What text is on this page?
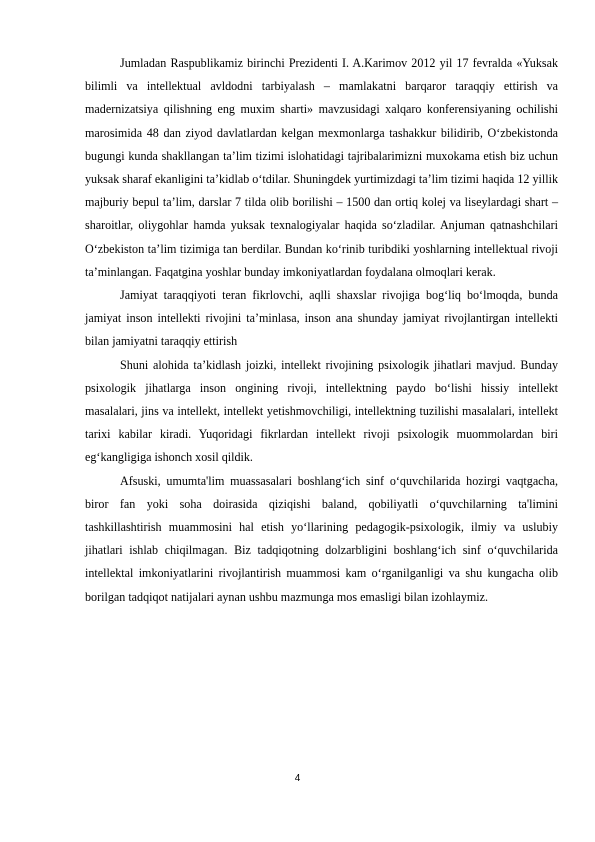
Jumladan Raspublikamiz birinchi Prezidenti I. A.Karimov 2012 yil 17 fevralda «Yuksak bilimli va intellektual avldodni tarbiyalash – mamlakatni barqaror taraqqiy ettirish va madernizatsiya qilishning eng muxim sharti» mavzusidagi xalqaro konferensiyaning ochilishi marosimida 48 dan ziyod davlatlardan kelgan mexmonlarga tashakkur bilidirib, O‘zbekistonda bugungi kunda shakllangan ta’lim tizimi islohatidagi tajribalarimizni muxokama etish biz uchun yuksak sharaf ekanligini ta’kidlab o‘tdilar. Shuningdek yurtimizdagi ta’lim tizimi haqida 12 yillik majburiy bepul ta’lim, darslar 7 tilda olib borilishi – 1500 dan ortiq kolej va liseylardagi shart – sharoitlar, oliygohlar hamda yuksak texnalogiyalar haqida so‘zladilar. Anjuman qatnashchilari O‘zbekiston ta’lim tizimiga tan berdilar. Bundan ko‘rinib turibdiki yoshlarning intellektual rivoji ta’minlangan. Faqatgina yoshlar bunday imkoniyatlardan foydalana olmoqlari kerak.

Jamiyat taraqqiyoti teran fikrlovchi, aqlli shaxslar rivojiga bog‘liq bo‘lmoqda, bunda jamiyat inson intellekti rivojini ta’minlasa, inson ana shunday jamiyat rivojlantirgan intellekti bilan jamiyatni taraqqiy ettirish

Shuni alohida ta’kidlash joizki, intellekt rivojining psixologik jihatlari mavjud. Bunday psixologik jihatlarga inson ongining rivoji, intellektning paydo bo‘lishi hissiy intellekt masalalari, jins va intellekt, intellekt yetishmovchiligi, intellektning tuzilishi masalalari, intellekt tarixi kabilar kiradi. Yuqoridagi fikrlardan intellekt rivoji psixologik muommolardan biri eg‘kangligiga ishonch xosil qildik.

Afsuski, umumta'lim muassasalari boshlang‘ich sinf o‘quvchilarida hozirgi vaqtgacha, biror fan yoki soha doirasida qiziqishi baland, qobiliyatli o‘quvchilarning ta'limini tashkillashtirish muammosini hal etish yo‘llarining pedagogik-psixologik, ilmiy va uslubiy jihatlari ishlab chiqilmagan. Biz tadqiqotning dolzarbligini boshlang‘ich sinf o‘quvchilarida intellektal imkoniyatlarini rivojlantirish muammosi kam o‘rganilganligi va shu kungacha olib borilgan tadqiqot natijalari aynan ushbu mazmunga mos emasligi bilan izohlaymiz.

4
